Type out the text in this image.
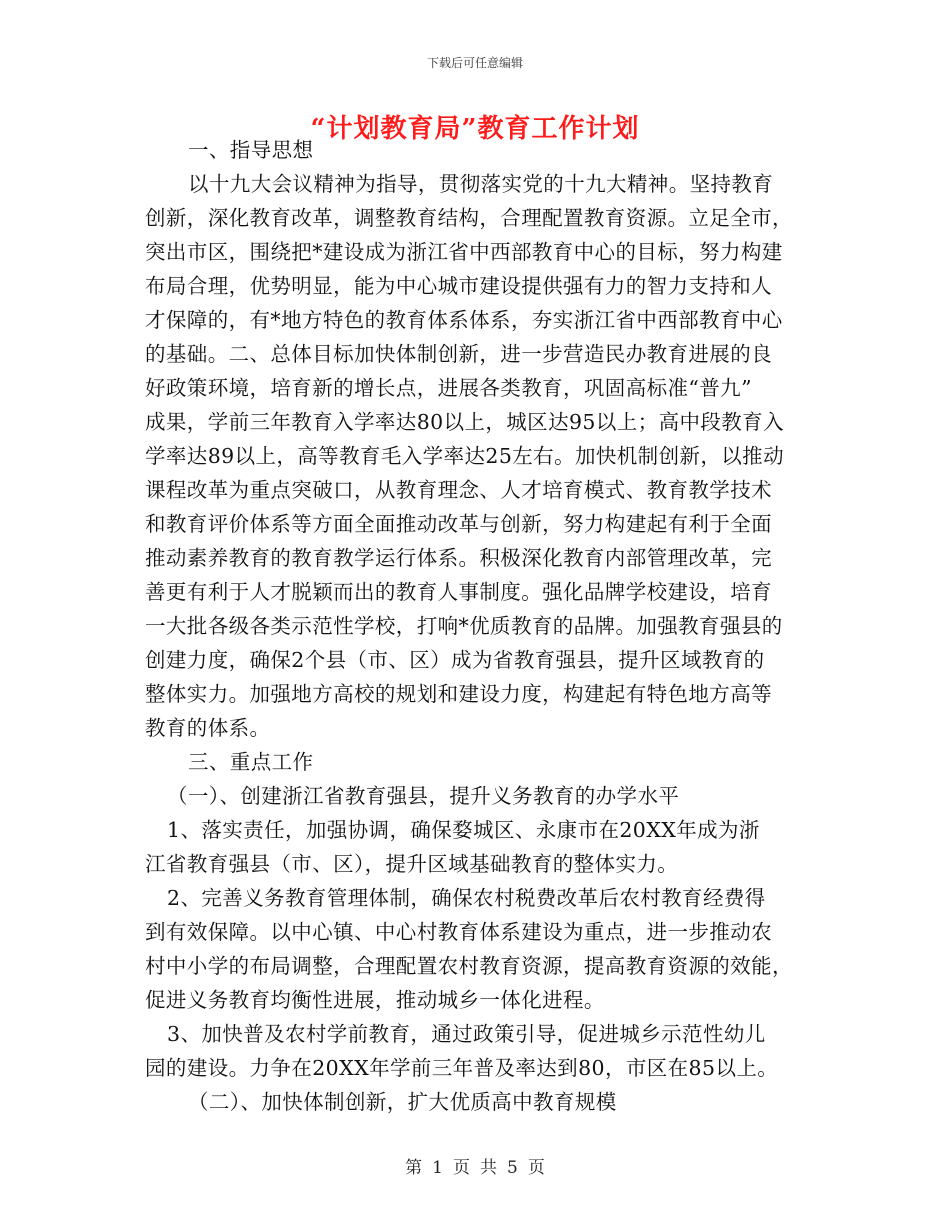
下载后可任意编辑
“计划教育局”教育工作计划
一、指导思想
以十九大会议精神为指导，贯彻落实党的十九大精神。坚持教育
创新，深化教育改革，调整教育结构，合理配置教育资源。立足全市，
突出市区，围绕把*建设成为浙江省中西部教育中心的目标，努力构建
布局合理，优势明显，能为中心城市建设提供强有力的智力支持和人
才保障的，有*地方特色的教育体系体系，夯实浙江省中西部教育中心
的基础。二、总体目标加快体制创新，进一步营造民办教育进展的良
好政策环境，培育新的增长点，进展各类教育，巩固高标准“普九”
成果，学前三年教育入学率达80以上，城区达95以上；高中段教育入
学率达89以上，高等教育毛入学率达25左右。加快机制创新，以推动
课程改革为重点突破口，从教育理念、人才培育模式、教育教学技术
和教育评价体系等方面全面推动改革与创新，努力构建起有利于全面
推动素养教育的教育教学运行体系。积极深化教育内部管理改革，完
善更有利于人才脱颖而出的教育人事制度。强化品牌学校建设，培育
一大批各级各类示范性学校，打响*优质教育的品牌。加强教育强县的
创建力度，确保2个县（市、区）成为省教育强县，提升区域教育的
整体实力。加强地方高校的规划和建设力度，构建起有特色地方高等
教育的体系。
三、重点工作
（一）、创建浙江省教育强县，提升义务教育的办学水平
1、落实责任，加强协调，确保婺城区、永康市在20XX年成为浙
江省教育强县（市、区），提升区域基础教育的整体实力。
2、完善义务教育管理体制，确保农村税费改革后农村教育经费得
到有效保障。以中心镇、中心村教育体系建设为重点，进一步推动农
村中小学的布局调整，合理配置农村教育资源，提高教育资源的效能，
促进义务教育均衡性进展，推动城乡一体化进程。
3、加快普及农村学前教育，通过政策引导，促进城乡示范性幼儿
园的建设。力争在20XX年学前三年普及率达到80，市区在85以上。
（二）、加快体制创新，扩大优质高中教育规模
第 1 页 共 5 页
